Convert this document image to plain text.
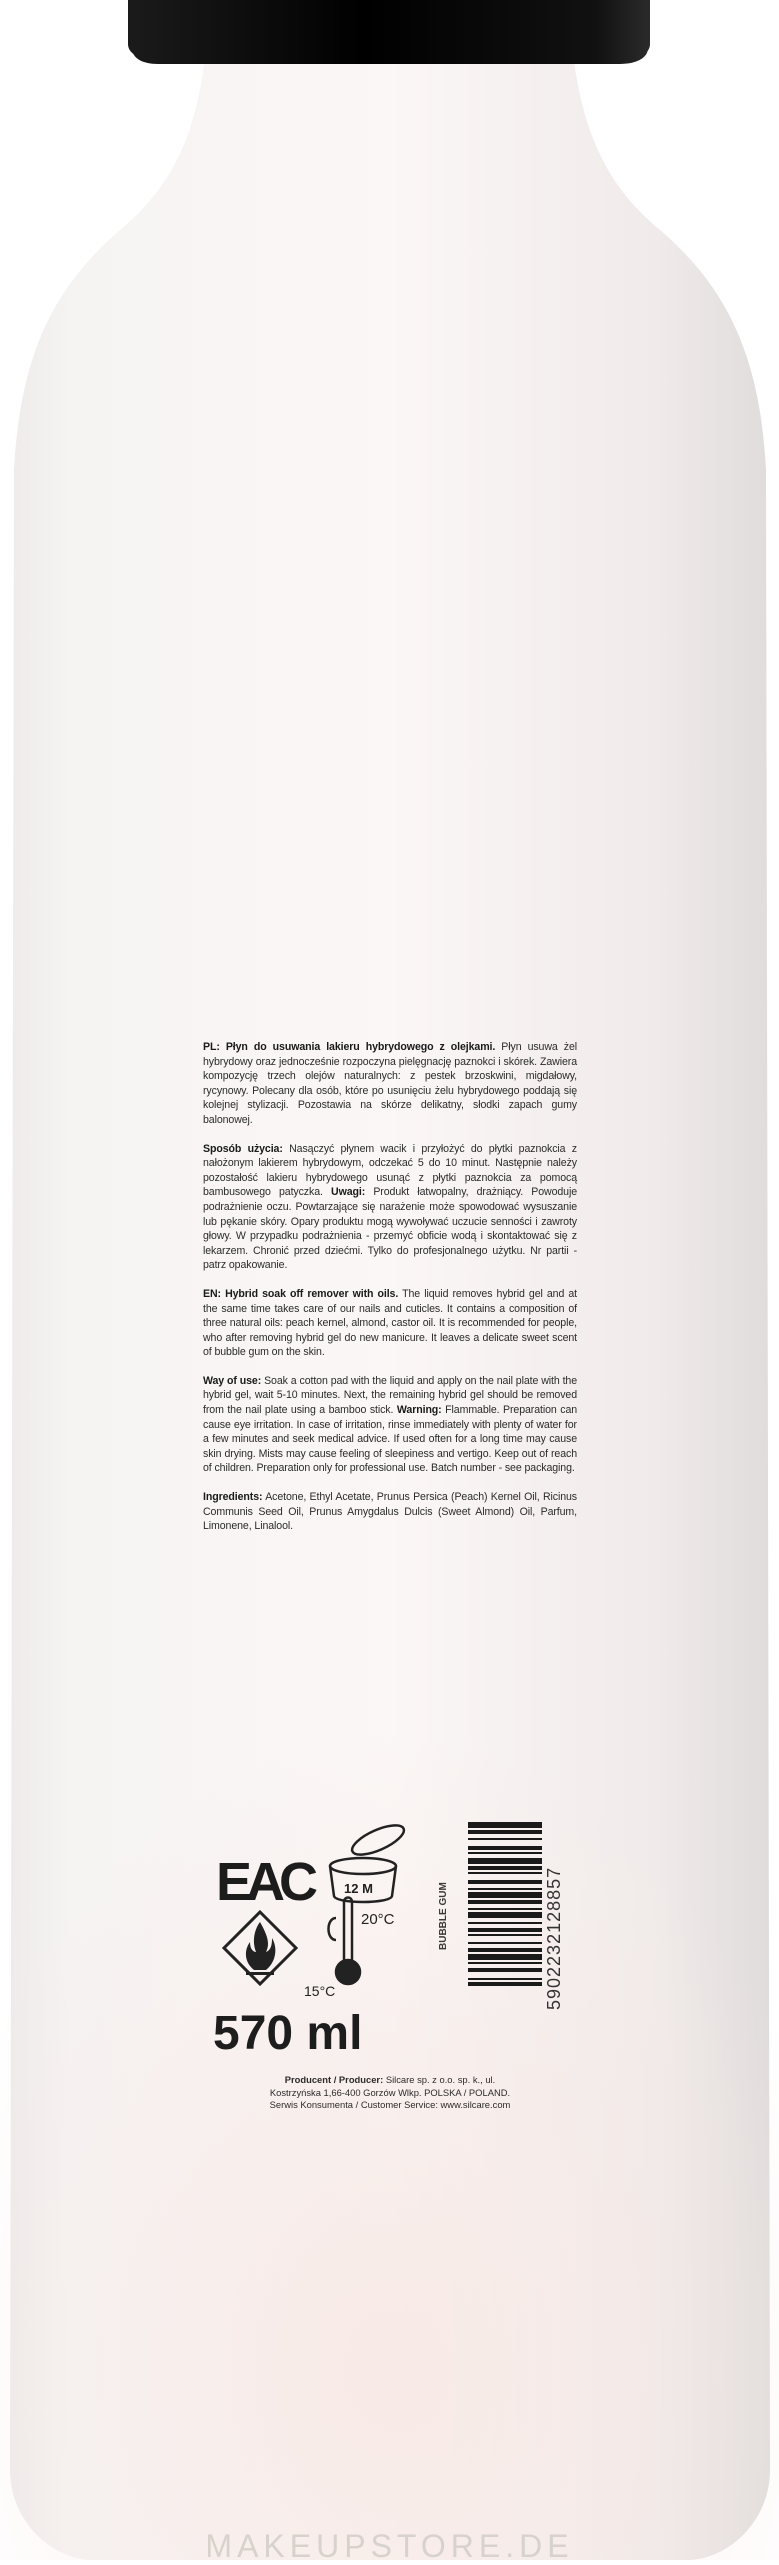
PL: Płyn do usuwania lakieru hybrydowego z olejkami. Płyn usuwa żel hybrydowy oraz jednocześnie rozpoczyna pielęgnację paznokci i skórek. Zawiera kompozycję trzech olejów naturalnych: z pestek brzoskwini, migdałowy, rycynowy. Polecany dla osób, które po usunięciu żelu hybrydowego poddają się kolejnej stylizacji. Pozostawia na skórze delikatny, słodki zapach gumy balonowej.

Sposób użycia: Nasączyć płynem wacik i przyłożyć do płytki paznokcia z nałożonym lakierem hybrydowym, odczekać 5 do 10 minut. Następnie należy pozostałość lakieru hybrydowego usunąć z płytki paznokcia za pomocą bambusowego patyczka. Uwagi: Produkt łatwopalny, drażniący. Powoduje podrażnienie oczu. Powtarzające się narażenie może spowodować wysuszanie lub pękanie skóry. Opary produktu mogą wywoływać uczucie senności i zawroty głowy. W przypadku podrażnienia - przemyć obficie wodą i skontaktować się z lekarzem. Chronić przed dziećmi. Tylko do profesjonalnego użytku. Nr partii - patrz opakowanie.

EN: Hybrid soak off remover with oils. The liquid removes hybrid gel and at the same time takes care of our nails and cuticles. It contains a composition of three natural oils: peach kernel, almond, castor oil. It is recommended for people, who after removing hybrid gel do new manicure. It leaves a delicate sweet scent of bubble gum on the skin.

Way of use: Soak a cotton pad with the liquid and apply on the nail plate with the hybrid gel, wait 5-10 minutes. Next, the remaining hybrid gel should be removed from the nail plate using a bamboo stick. Warning: Flammable. Preparation can cause eye irritation. In case of irritation, rinse immediately with plenty of water for a few minutes and seek medical advice. If used often for a long time may cause skin drying. Mists may cause feeling of sleepiness and vertigo. Keep out of reach of children. Preparation only for professional use. Batch number - see packaging.

Ingredients: Acetone, Ethyl Acetate, Prunus Persica (Peach) Kernel Oil, Ricinus Communis Seed Oil, Prunus Amygdalus Dulcis (Sweet Almond) Oil, Parfum, Limonene, Linalool.

EAC	12 M
20°C
15°C
BUBBLE GUM	5902232128857
570 ml
Producent / Producer: Silcare sp. z o.o. sp. k., ul.
Kostrzyńska 1,66-400 Gorzów Wlkp. POLSKA / POLAND.
Serwis Konsumenta / Customer Service: www.silcare.com
MAKEUPSTORE.DE
